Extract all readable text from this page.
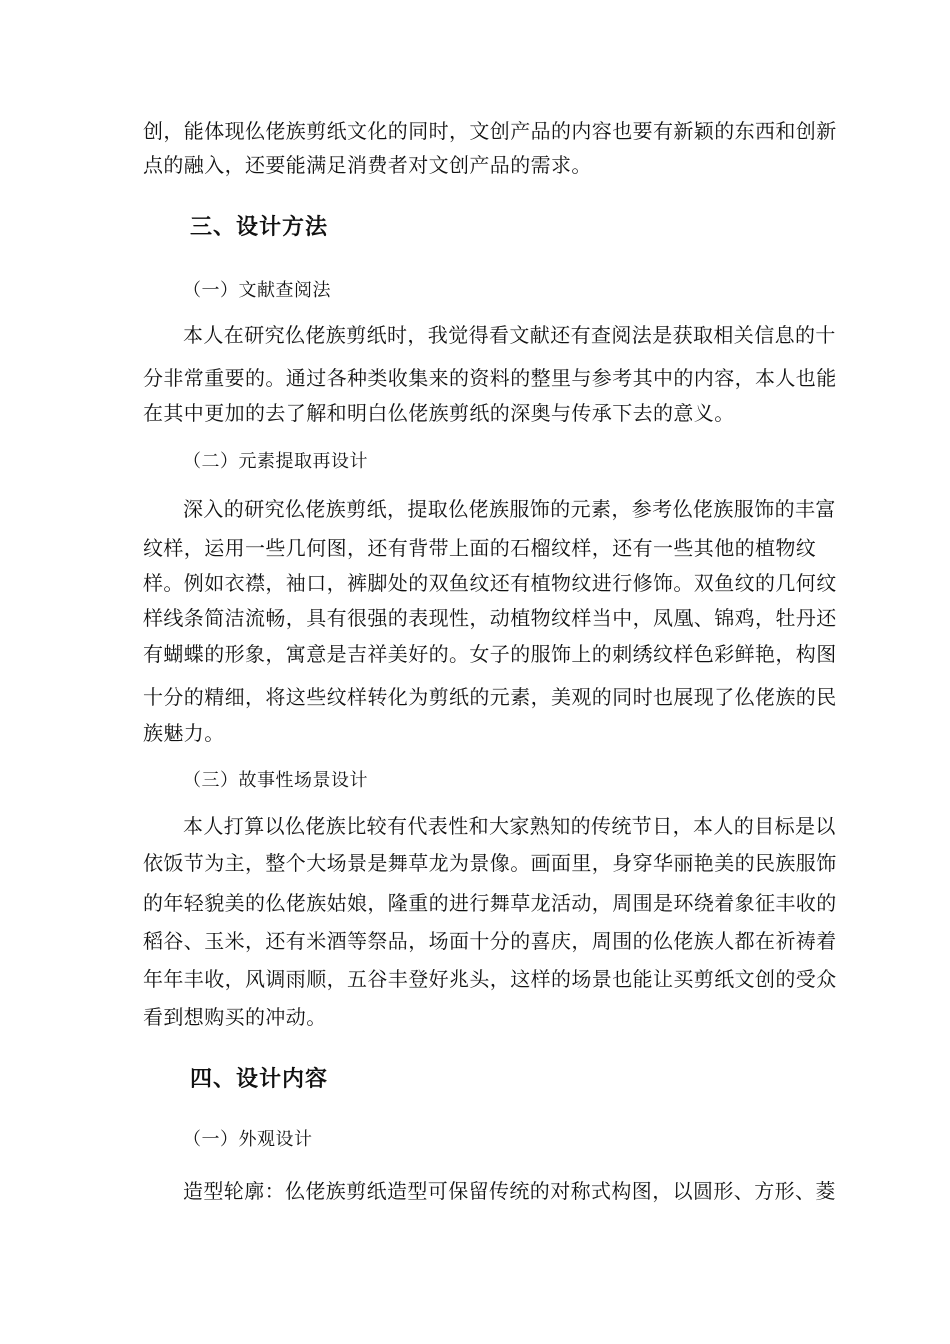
创，能体现仫佬族剪纸文化的同时，文创产品的内容也要有新颖的东西和创新
点的融入，还要能满足消费者对文创产品的需求。
三、设计方法
（一）文献查阅法
本人在研究仫佬族剪纸时，我觉得看文献还有查阅法是获取相关信息的十
分非常重要的。通过各种类收集来的资料的整里与参考其中的内容，本人也能
在其中更加的去了解和明白仫佬族剪纸的深奥与传承下去的意义。
（二）元素提取再设计
深入的研究仫佬族剪纸，提取仫佬族服饰的元素，参考仫佬族服饰的丰富
纹样，运用一些几何图，还有背带上面的石榴纹样，还有一些其他的植物纹
样。例如衣襟，袖口，裤脚处的双鱼纹还有植物纹进行修饰。双鱼纹的几何纹
样线条简洁流畅，具有很强的表现性，动植物纹样当中，凤凰、锦鸡，牡丹还
有蝴蝶的形象，寓意是吉祥美好的。女子的服饰上的刺绣纹样色彩鲜艳，构图
十分的精细，将这些纹样转化为剪纸的元素，美观的同时也展现了仫佬族的民
族魅力。
（三）故事性场景设计
本人打算以仫佬族比较有代表性和大家熟知的传统节日，本人的目标是以
依饭节为主，整个大场景是舞草龙为景像。画面里，身穿华丽艳美的民族服饰
的年轻貌美的仫佬族姑娘，隆重的进行舞草龙活动，周围是环绕着象征丰收的
稻谷、玉米，还有米酒等祭品，场面十分的喜庆，周围的仫佬族人都在祈祷着
年年丰收，风调雨顺，五谷丰登好兆头，这样的场景也能让买剪纸文创的受众
看到想购买的冲动。
四、设计内容
（一）外观设计
造型轮廓：仫佬族剪纸造型可保留传统的对称式构图，以圆形、方形、菱
